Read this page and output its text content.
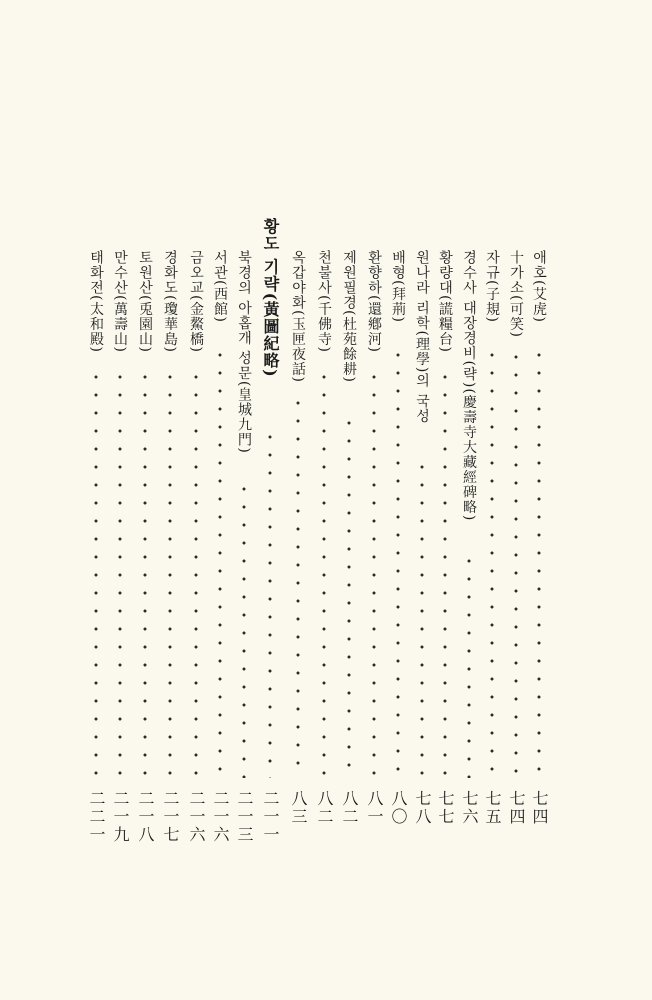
애호(艾虎)
七四
十가소(可笑)
七四
자규(子規)
七五
경수사 대장경비(략)(慶壽寺大藏經碑略)
七六
황량대(謊糧台)
七七
원나라 리학(理學)의 국성
七八
배형(拜荊)
八〇
환향하(還鄕河)
八一
제원필경(杜苑餘耕)
八二
천불사(千佛寺)
八二
옥갑야화(玉匣夜話)
八三
황도 기략(黃圖紀略)
二一一
북경의 아홉개 성문(皇城九門)
二一三
서관(西館)
二一六
금오교(金鰲橋)
二一六
경화도(瓊華島)
二一七
토원산(兎園山)
二一八
만수산(萬壽山)
二一九
태화전(太和殿)
二二一
